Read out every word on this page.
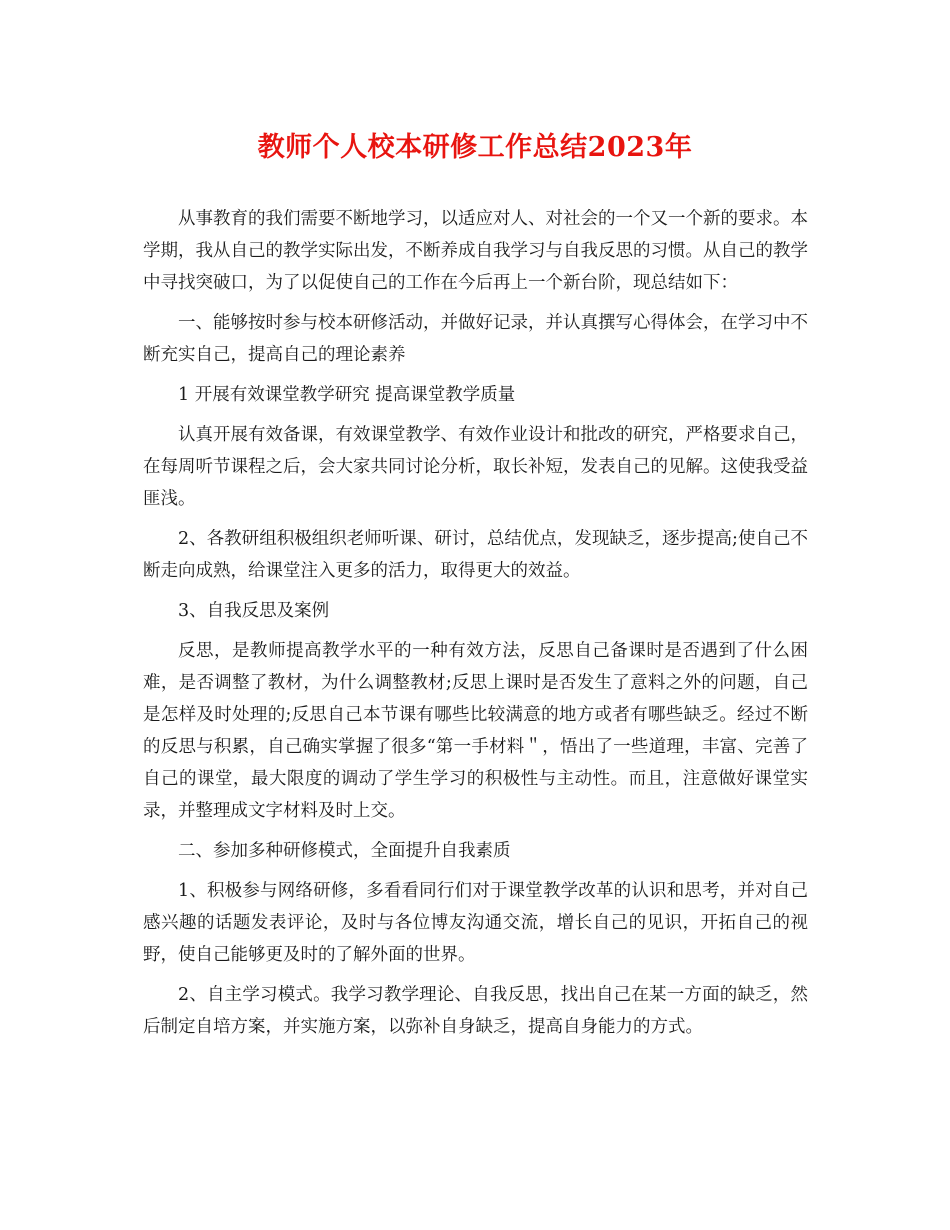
教师个人校本研修工作总结2023年

从事教育的我们需要不断地学习，以适应对人、对社会的一个又一个新的要求。本学期，我从自己的教学实际出发，不断养成自我学习与自我反思的习惯。从自己的教学中寻找突破口，为了以促使自己的工作在今后再上一个新台阶，现总结如下：

一、能够按时参与校本研修活动，并做好记录，并认真撰写心得体会，在学习中不断充实自己，提高自己的理论素养

1 开展有效课堂教学研究 提高课堂教学质量

认真开展有效备课，有效课堂教学、有效作业设计和批改的研究，严格要求自己，在每周听节课程之后，会大家共同讨论分析，取长补短，发表自己的见解。这使我受益匪浅。

2、各教研组积极组织老师听课、研讨，总结优点，发现缺乏，逐步提高;使自己不断走向成熟，给课堂注入更多的活力，取得更大的效益。

3、自我反思及案例

反思，是教师提高教学水平的一种有效方法，反思自己备课时是否遇到了什么困难，是否调整了教材，为什么调整教材;反思上课时是否发生了意料之外的问题，自己是怎样及时处理的;反思自己本节课有哪些比较满意的地方或者有哪些缺乏。经过不断的反思与积累，自己确实掌握了很多“第一手材料＂，悟出了一些道理，丰富、完善了自己的课堂，最大限度的调动了学生学习的积极性与主动性。而且，注意做好课堂实录，并整理成文字材料及时上交。

二、参加多种研修模式，全面提升自我素质

1、积极参与网络研修，多看看同行们对于课堂教学改革的认识和思考，并对自己感兴趣的话题发表评论，及时与各位博友沟通交流，增长自己的见识，开拓自己的视野，使自己能够更及时的了解外面的世界。

2、自主学习模式。我学习教学理论、自我反思，找出自己在某一方面的缺乏，然后制定自培方案，并实施方案，以弥补自身缺乏，提高自身能力的方式。
